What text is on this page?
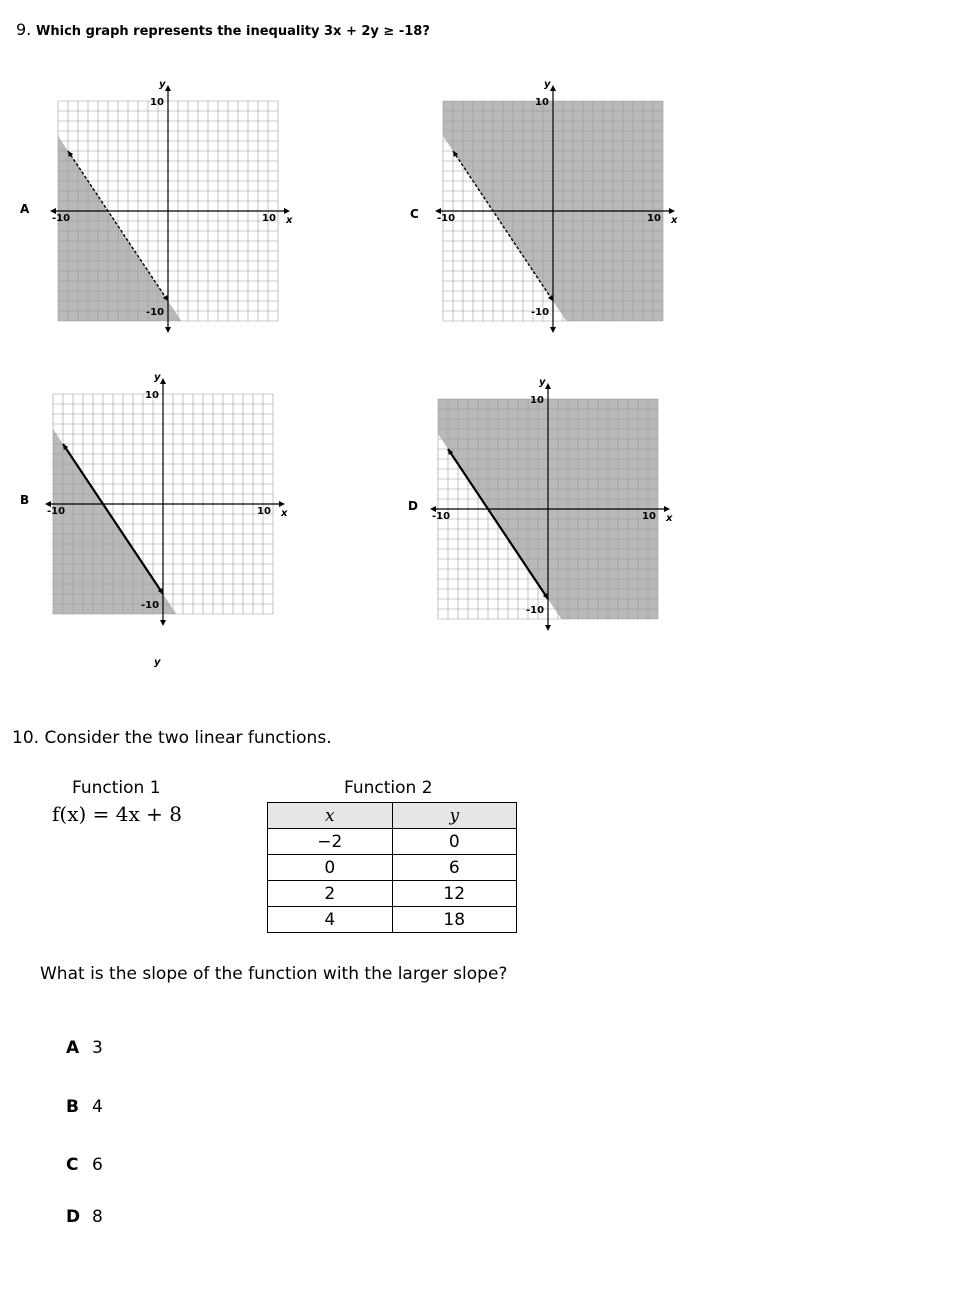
9. Which graph represents the inequality 3x + 2y ≥ -18?
A	C
B	D
y
10
10 x
-10
-10
y
10
10 x
-10
-10
y
10
10 x
-10
-10
y
10
10 x
-10
-10
y
10. Consider the two linear functions.
Function 1
f(x) = 4x + 8
Function 2
x	y
−2	0
0	6
2	12
4	18
What is the slope of the function with the larger slope?
A 3
B 4
C 6
D 8
